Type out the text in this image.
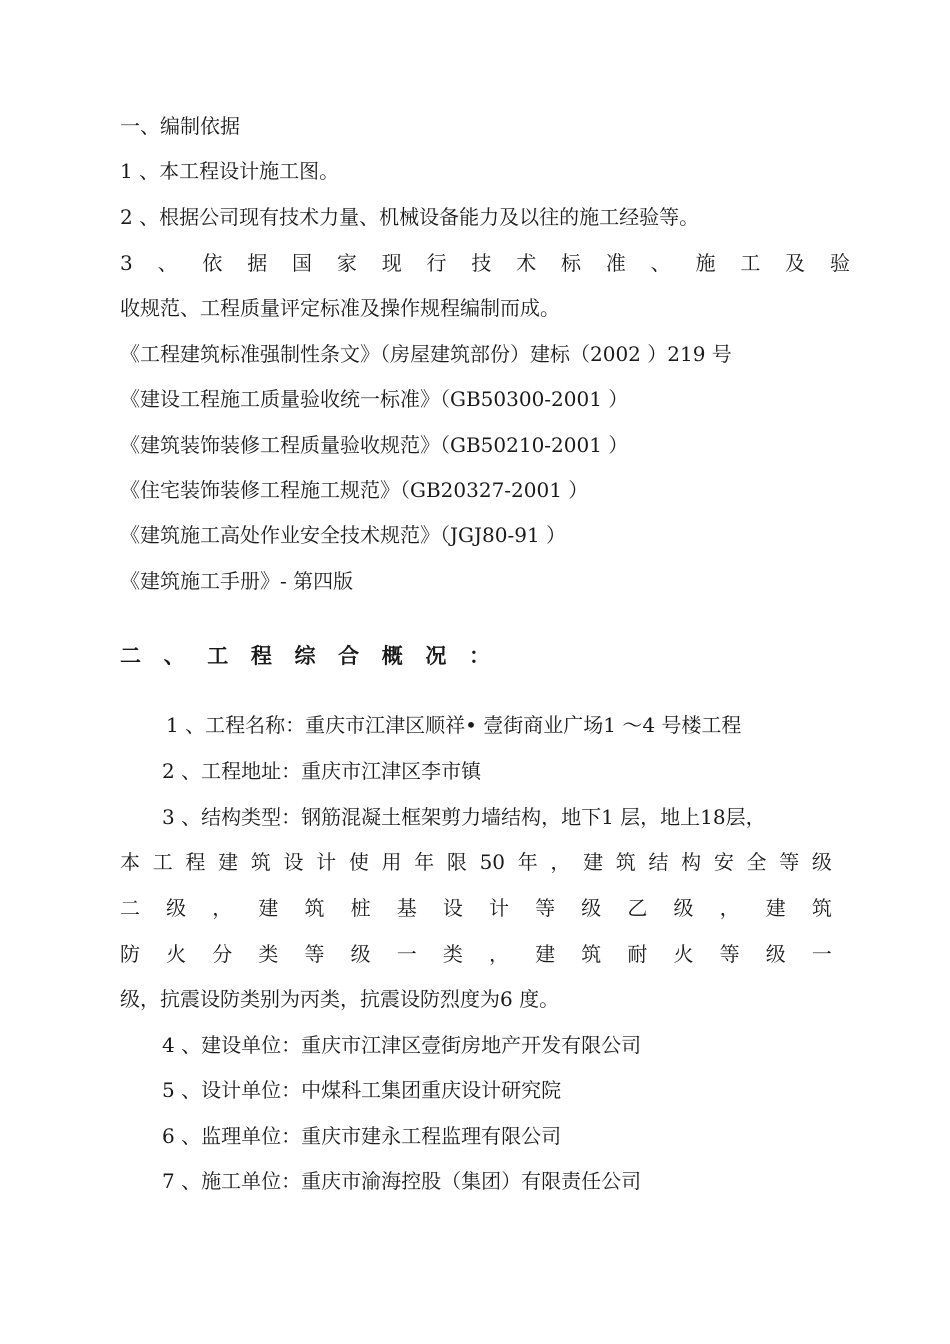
一、编制依据
1 、本工程设计施工图。
2 、根据公司现有技术力量、机械设备能力及以往的施工经验等。
3 、 依 据 国 家 现 行 技 术 标 准 、 施 工 及 验
收规范、工程质量评定标准及操作规程编制而成。
《工程建筑标准强制性条文》（房屋建筑部份）建标（2002 ）219 号
《建设工程施工质量验收统一标准》（GB50300-2001 ）
《建筑装饰装修工程质量验收规范》（GB50210-2001 ）
《住宅装饰装修工程施工规范》（GB20327-2001 ）
《建筑施工高处作业安全技术规范》（JGJ80-91 ）
《建筑施工手册》- 第四版
二 、 工 程 综 合 概 况 ：
1 、工程名称：重庆市江津区顺祥• 壹街商业广场1 ～4 号楼工程
2 、工程地址：重庆市江津区李市镇
3 、结构类型：钢筋混凝土框架剪力墙结构，地下1 层，地上18层，
本 工 程 建 筑 设 计 使 用 年 限 50 年 ， 建 筑 结 构 安 全 等 级
二 级 ， 建 筑 桩 基 设 计 等 级 乙 级 ， 建 筑
防 火 分 类 等 级 一 类 ， 建 筑 耐 火 等 级 一
级，抗震设防类别为丙类，抗震设防烈度为6 度。
4 、建设单位：重庆市江津区壹街房地产开发有限公司
5 、设计单位：中煤科工集团重庆设计研究院
6 、监理单位：重庆市建永工程监理有限公司
7 、施工单位：重庆市渝海控股（集团）有限责任公司
